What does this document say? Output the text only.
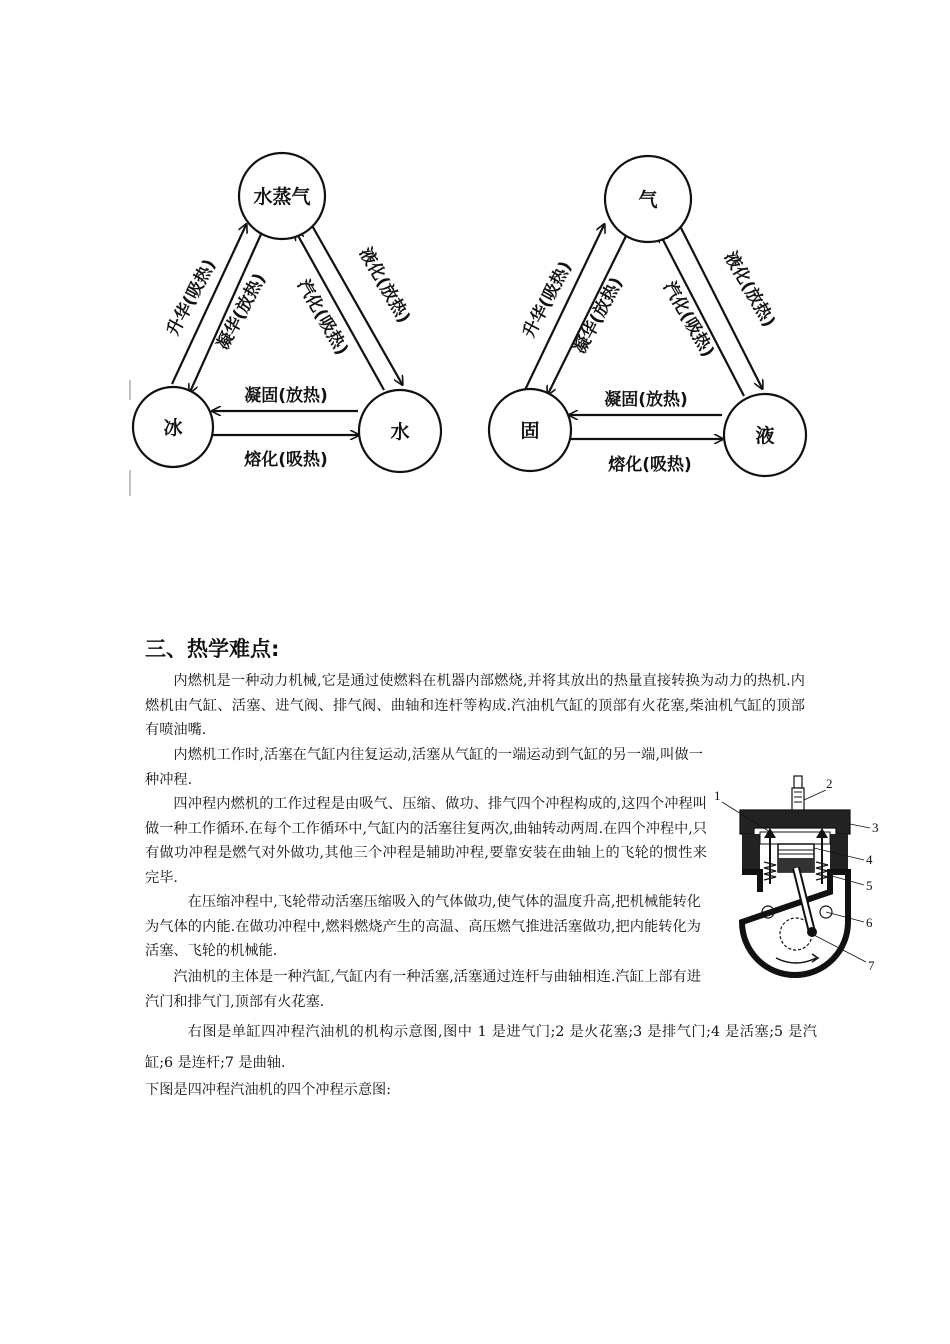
水蒸气
冰	水
升华(吸热)	液化(放热)
凝华(放热) 汽化(吸热)
凝固(放热)
熔化(吸热)
气
固	液
升华(吸热)	液化(放热)
凝华(放热) 汽化(吸热)
凝固(放热)
熔化(吸热)
三、热学难点:

内燃机是一种动力机械,它是通过使燃料在机器内部燃烧,并将其放出的热量直接转换为动力的热机.内燃机由气缸、活塞、进气阀、排气阀、曲轴和连杆等构成.汽油机气缸的顶部有火花塞,柴油机气缸的顶部有喷油嘴.

内燃机工作时,活塞在气缸内往复运动,活塞从气缸的一端运动到气缸的另一端,叫做一种冲程.

四冲程内燃机的工作过程是由吸气、压缩、做功、排气四个冲程构成的,这四个冲程叫做一种工作循环.在每个工作循环中,气缸内的活塞往复两次,曲轴转动两周.在四个冲程中,只有做功冲程是燃气对外做功,其他三个冲程是辅助冲程,要靠安装在曲轴上的飞轮的惯性来完毕.

在压缩冲程中,飞轮带动活塞压缩吸入的气体做功,使气体的温度升高,把机械能转化为气体的内能.在做功冲程中,燃料燃烧产生的高温、高压燃气推进活塞做功,把内能转化为活塞、飞轮的机械能.

汽油机的主体是一种汽缸,气缸内有一种活塞,活塞通过连杆与曲轴相连.汽缸上部有进汽门和排气门,顶部有火花塞.

右图是单缸四冲程汽油机的机构示意图,图中 1 是进气门;2 是火花塞;3 是排气门;4 是活塞;5 是汽缸;6 是连杆;7 是曲轴.

下图是四冲程汽油机的四个冲程示意图:

1
2
3
4
5
6
7
